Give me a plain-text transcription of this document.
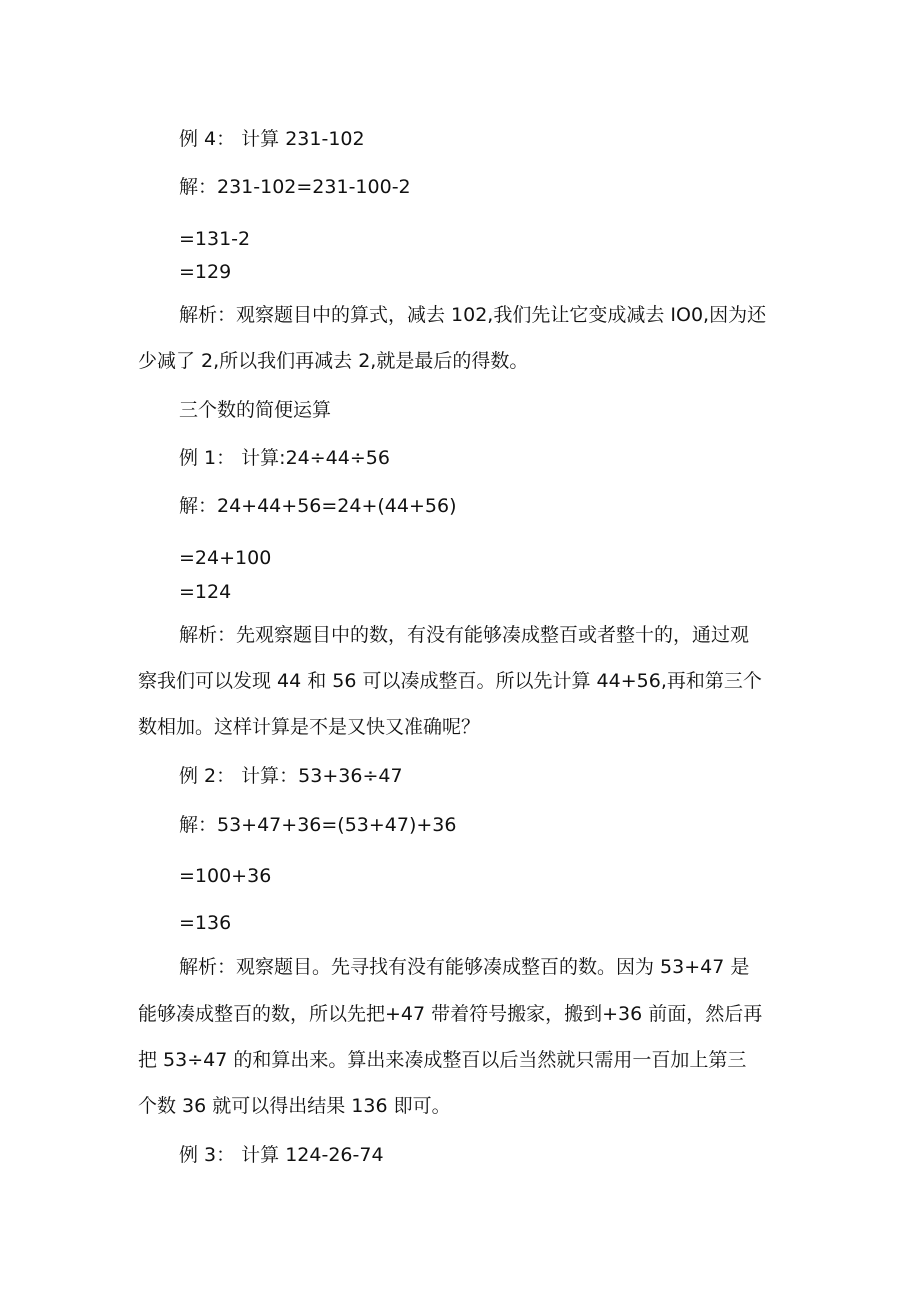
例 4： 计算 231-102

解：231-102=231-100-2

=131-2

=129

解析：观察题目中的算式，减去 102,我们先让它变成减去 IO0,因为还

少减了 2,所以我们再减去 2,就是最后的得数。

三个数的简便运算

例 1： 计算:24÷44÷56

解：24+44+56=24+(44+56)

=24+100

=124

解析：先观察题目中的数，有没有能够凑成整百或者整十的，通过观

察我们可以发现 44 和 56 可以凑成整百。所以先计算 44+56,再和第三个

数相加。这样计算是不是又快又准确呢？

例 2： 计算：53+36÷47

解：53+47+36=(53+47)+36

=100+36

=136

解析：观察题目。先寻找有没有能够凑成整百的数。因为 53+47 是

能够凑成整百的数，所以先把+47 带着符号搬家，搬到+36 前面，然后再

把 53÷47 的和算出来。算出来凑成整百以后当然就只需用一百加上第三

个数 36 就可以得出结果 136 即可。

例 3： 计算 124-26-74
